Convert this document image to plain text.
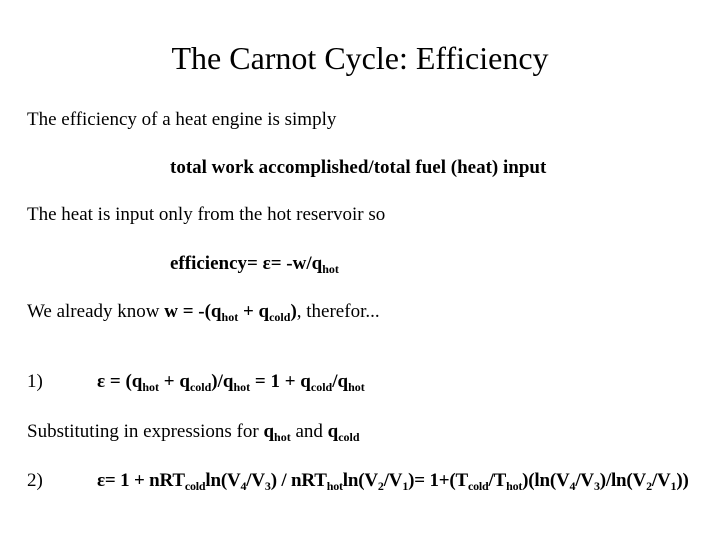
The Carnot Cycle: Efficiency
The efficiency of a heat engine is simply
total work accomplished/total fuel (heat) input
The heat is input only from the hot reservoir so
efficiency= $\varepsilon= -w/q_{hot}$
We already know $w = -(q_{hot} + q_{cold})$, therefor...
1)	$\varepsilon = (q_{hot} + q_{cold})/q_{hot} = 1 + q_{cold}/q_{hot}$
Substituting in expressions for $q_{hot}$ and $q_{cold}$
2)	$\varepsilon= 1 + nRT_{cold}\ln(V_4/V_3) / nRT_{hot}\ln(V_2/V_1)= 1+(T_{cold}/T_{hot})(\ln(V_4/V_3)/\ln(V_2/V_1))$
